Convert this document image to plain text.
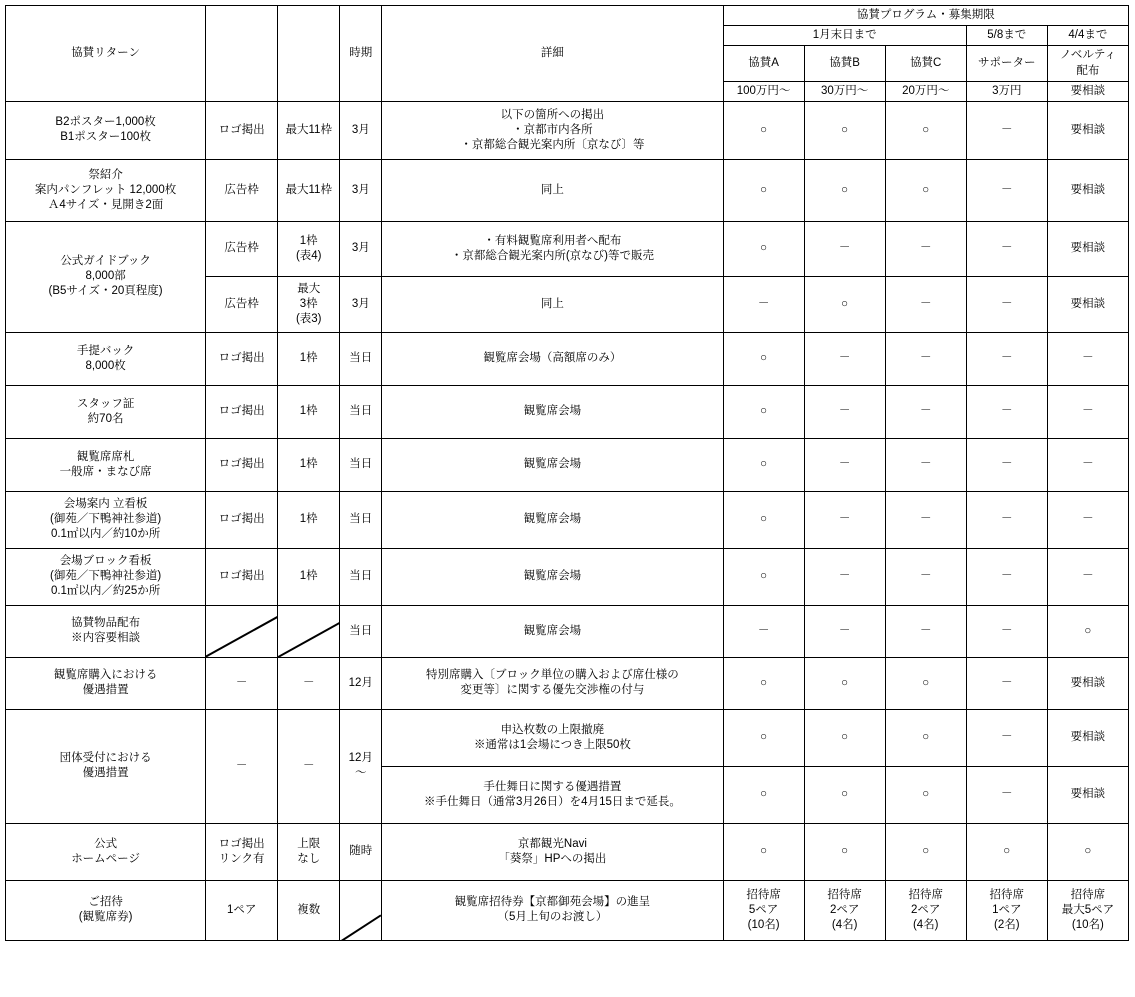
協賛リターン			時期	詳細	協賛プログラム・募集期限				
					1月末日まで			5/8まで	4/4まで
					協賛A	協賛B	協賛C	サポーター	ノベルティ
配布

					100万円～	30万円～	20万円～	3万円	要相談

B2ポスター1,000枚
B1ポスター100枚	ロゴ掲出	最大11枠	3月	以下の箇所への掲出
・京都市内各所
・京都総合観光案内所〔京なび〕等	○	○	○	－	要相談

祭紹介
案内パンフレット 12,000枚
Ａ4サイズ・見開き2面	広告枠	最大11枠	3月	同上	○	○	○	－	要相談

公式ガイドブック
8,000部
(B5サイズ・20頁程度)	広告枠	1枠
(表4)	3月	・有料観覧席利用者へ配布
・京都総合観光案内所(京なび)等で販売	○	－	－	－	要相談
	広告枠	最大
3枠
(表3)	3月	同上	－	○	－	－	要相談

手提バック
8,000枚	ロゴ掲出	1枠	当日	観覧席会場（高額席のみ）	○	－	－	－	－

スタッフ証
約70名	ロゴ掲出	1枠	当日	観覧席会場	○	－	－	－	－

観覧席席札
一般席・まなび席	ロゴ掲出	1枠	当日	観覧席会場	○	－	－	－	－

会場案内 立看板
(御苑／下鴨神社参道)
0.1㎡以内／約10か所	ロゴ掲出	1枠	当日	観覧席会場	○	－	－	－	－

会場ブロック看板
(御苑／下鴨神社参道)
0.1㎡以内／約25か所	ロゴ掲出	1枠	当日	観覧席会場	○	－	－	－	－

協賛物品配布
※内容要相談			当日	観覧席会場	－	－	－	－	○

観覧席購入における
優遇措置	－	－	12月	特別席購入〔ブロック単位の購入および席仕様の
変更等〕に関する優先交渉権の付与	○	○	○	－	要相談

団体受付における
優遇措置	－	－	12月～	申込枚数の上限撤廃
※通常は1会場につき上限50枚	○	○	○	－	要相談

				手仕舞日に関する優遇措置
※手仕舞日（通常3月26日）を4月15日まで延長。	○	○	○	－	要相談

公式
ホームページ	ロゴ掲出
リンク有	上限
なし	随時	京都観光Navi
「葵祭」HPへの掲出	○	○	○	○	○

ご招待
(観覧席券)	1ペア	複数		観覧席招待券【京都御苑会場】の進呈
（5月上旬のお渡し）	招待席
5ペア
(10名)	招待席
2ペア
(4名)	招待席
2ペア
(4名)	招待席
1ペア
(2名)	招待席
最大5ペア
(10名)
